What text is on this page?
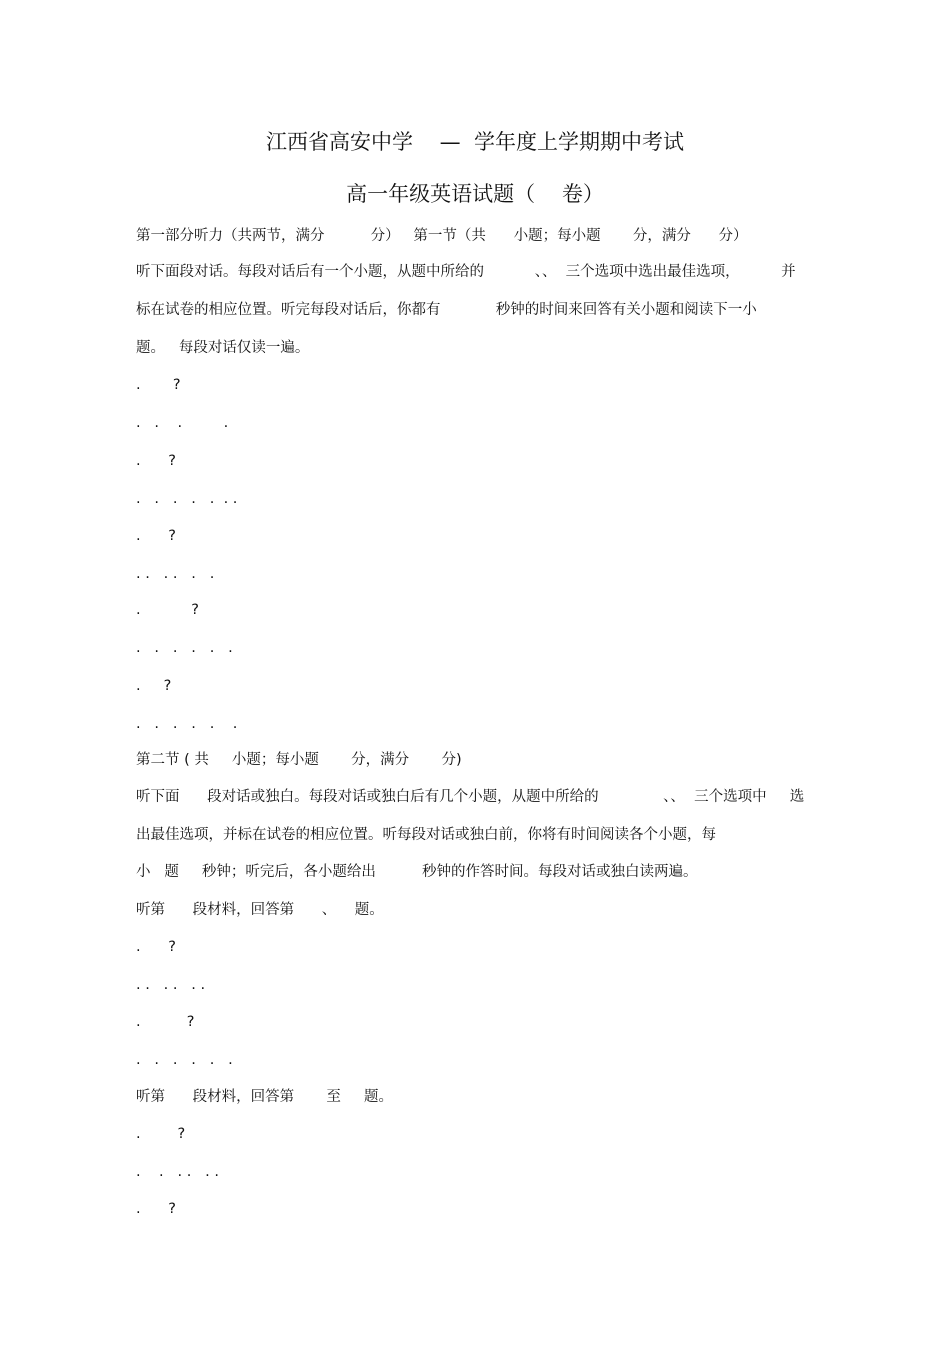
江西省高安中学    —  学年度上学期期中考试
高一年级英语试题（    卷）

第一部分听力（共两节，满分          分）   第一节（共      小题；每小题       分，满分      分）

听下面段对话。每段对话后有一个小题，从题中所给的           、、  三个选项中选出最佳选项，         并

标在试卷的相应位置。听完每段对话后，你都有            秒钟的时间来回答有关小题和阅读下一小

题。   每段对话仅读一遍。

.       ?

.   .    .         .

.      ?

.   .   .   .   .  . .

.      ?

. .   . .   .   .

.           ?

.   .   .   .   .   .

.     ?

.   .   .   .   .    .

第二节 ( 共     小题；每小题       分，满分       分)

听下面      段对话或独白。每段对话或独白后有几个小题，从题中所给的              、、  三个选项中     选

出最佳选项，并标在试卷的相应位置。听每段对话或独白前，你将有时间阅读各个小题，每

小   题     秒钟；听完后，各小题给出          秒钟的作答时间。每段对话或独白读两遍。

听第      段材料，回答第      、    题。

.      ?

. .   . .   . .

.          ?

.   .   .   .   .   .

听第      段材料，回答第       至     题。

.        ?

.    .   . .   . .

.      ?
